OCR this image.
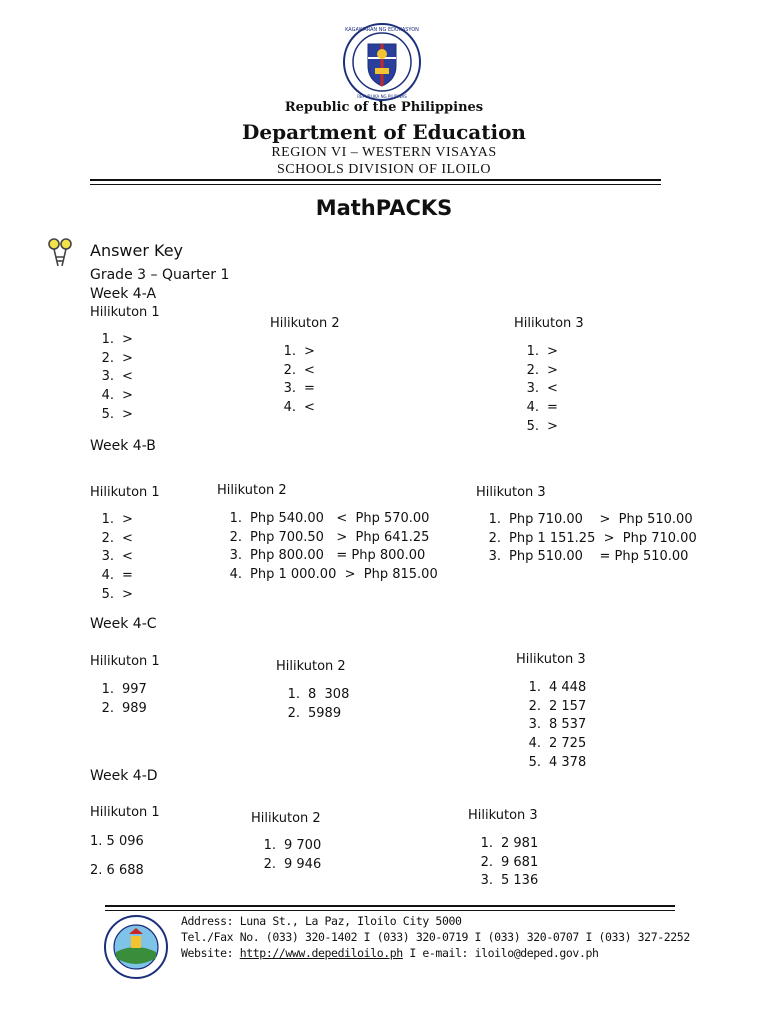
KAGAWARAN NG EDUKASYON
REPUBLIKA NG PILIPINAS
Republic of the Philippines
Department of Education
REGION VI – WESTERN VISAYAS
SCHOOLS DIVISION OF ILOILO
MathPACKS
Answer Key
Grade 3 – Quarter 1
Week 4-A
Hilikuton 1
1. >
2. >
3. <
4. >
5. >
Hilikuton 2
1. >
2. <
3. =
4. <
Hilikuton 3
1. >
2. >
3. <
4. =
5. >
Week 4-B
Hilikuton 1
1. >
2. <
3. <
4. =
5. >
Hilikuton 2
1. Php 540.00   <  Php 570.00
2. Php 700.50   >  Php 641.25
3. Php 800.00   = Php 800.00
4. Php 1 000.00  >  Php 815.00
Hilikuton 3
1. Php 710.00    >  Php 510.00
2. Php 1 151.25  >  Php 710.00
3. Php 510.00    = Php 510.00
Week 4-C
Hilikuton 1
1. 997
2. 989
Hilikuton 2
1. 8  308
2. 5989
Hilikuton 3
1. 4 448
2. 2 157
3. 8 537
4. 2 725
5. 4 378
Week 4-D
Hilikuton 1
1. 5 096
2. 6 688
Hilikuton 2
1. 9 700
2. 9 946
Hilikuton 3
1. 2 981
2. 9 681
3. 5 136
Address: Luna St., La Paz, Iloilo City 5000
Tel./Fax No. (033) 320-1402 I (033) 320-0719 I (033) 320-0707 I (033) 327-2252
Website: http://www.depediloilo.ph I e-mail: iloilo@deped.gov.ph
